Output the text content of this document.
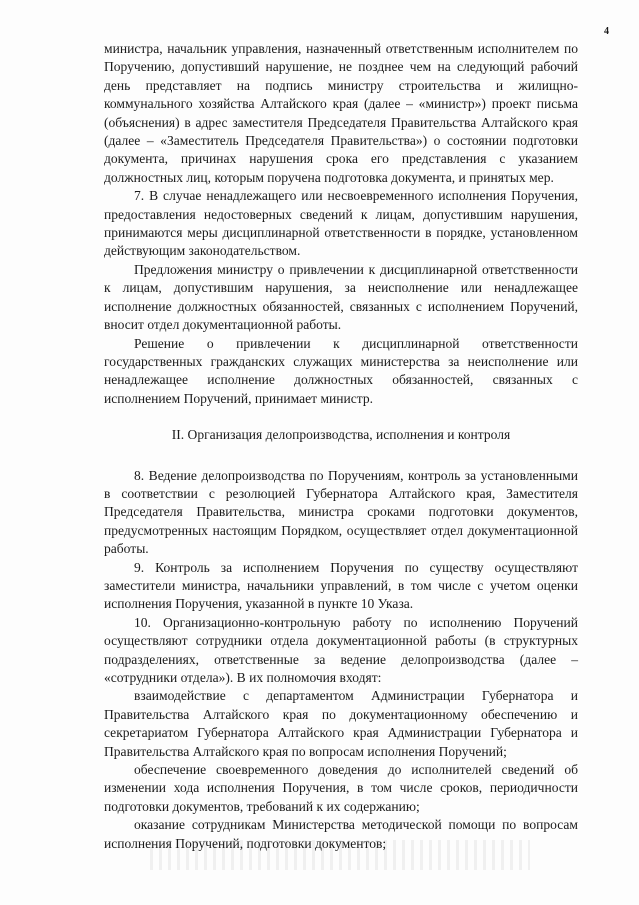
4

министра, начальник управления, назначенный ответственным исполнителем по Поручению, допустивший нарушение, не позднее чем на следующий рабочий день представляет на подпись министру строительства и жилищно-коммунального хозяйства Алтайского края (далее – «министр») проект письма (объяснения) в адрес заместителя Председателя Правительства Алтайского края (далее – «Заместитель Председателя Правительства») о состоянии подготовки документа, причинах нарушения срока его представления с указанием должностных лиц, которым поручена подготовка документа, и принятых мер.

7. В случае ненадлежащего или несвоевременного исполнения Поручения, предоставления недостоверных сведений к лицам, допустившим нарушения, принимаются меры дисциплинарной ответственности в порядке, установленном действующим законодательством.

Предложения министру о привлечении к дисциплинарной ответственности к лицам, допустившим нарушения, за неисполнение или ненадлежащее исполнение должностных обязанностей, связанных с исполнением Поручений, вносит отдел документационной работы.

Решение о привлечении к дисциплинарной ответственности государственных гражданских служащих министерства за неисполнение или ненадлежащее исполнение должностных обязанностей, связанных с исполнением Поручений, принимает министр.

II. Организация делопроизводства, исполнения и контроля

8. Ведение делопроизводства по Поручениям, контроль за установленными в соответствии с резолюцией Губернатора Алтайского края, Заместителя Председателя Правительства, министра сроками подготовки документов, предусмотренных настоящим Порядком, осуществляет отдел документационной работы.

9. Контроль за исполнением Поручения по существу осуществляют заместители министра, начальники управлений, в том числе с учетом оценки исполнения Поручения, указанной в пункте 10 Указа.

10. Организационно-контрольную работу по исполнению Поручений осуществляют сотрудники отдела документационной работы (в структурных подразделениях, ответственные за ведение делопроизводства (далее – «сотрудники отдела»). В их полномочия входят:

взаимодействие с департаментом Администрации Губернатора и Правительства Алтайского края по документационному обеспечению и секретариатом Губернатора Алтайского края Администрации Губернатора и Правительства Алтайского края по вопросам исполнения Поручений;

обеспечение своевременного доведения до исполнителей сведений об изменении хода исполнения Поручения, в том числе сроков, периодичности подготовки документов, требований к их содержанию;

оказание сотрудникам Министерства методической помощи по вопросам исполнения Поручений, подготовки документов;
